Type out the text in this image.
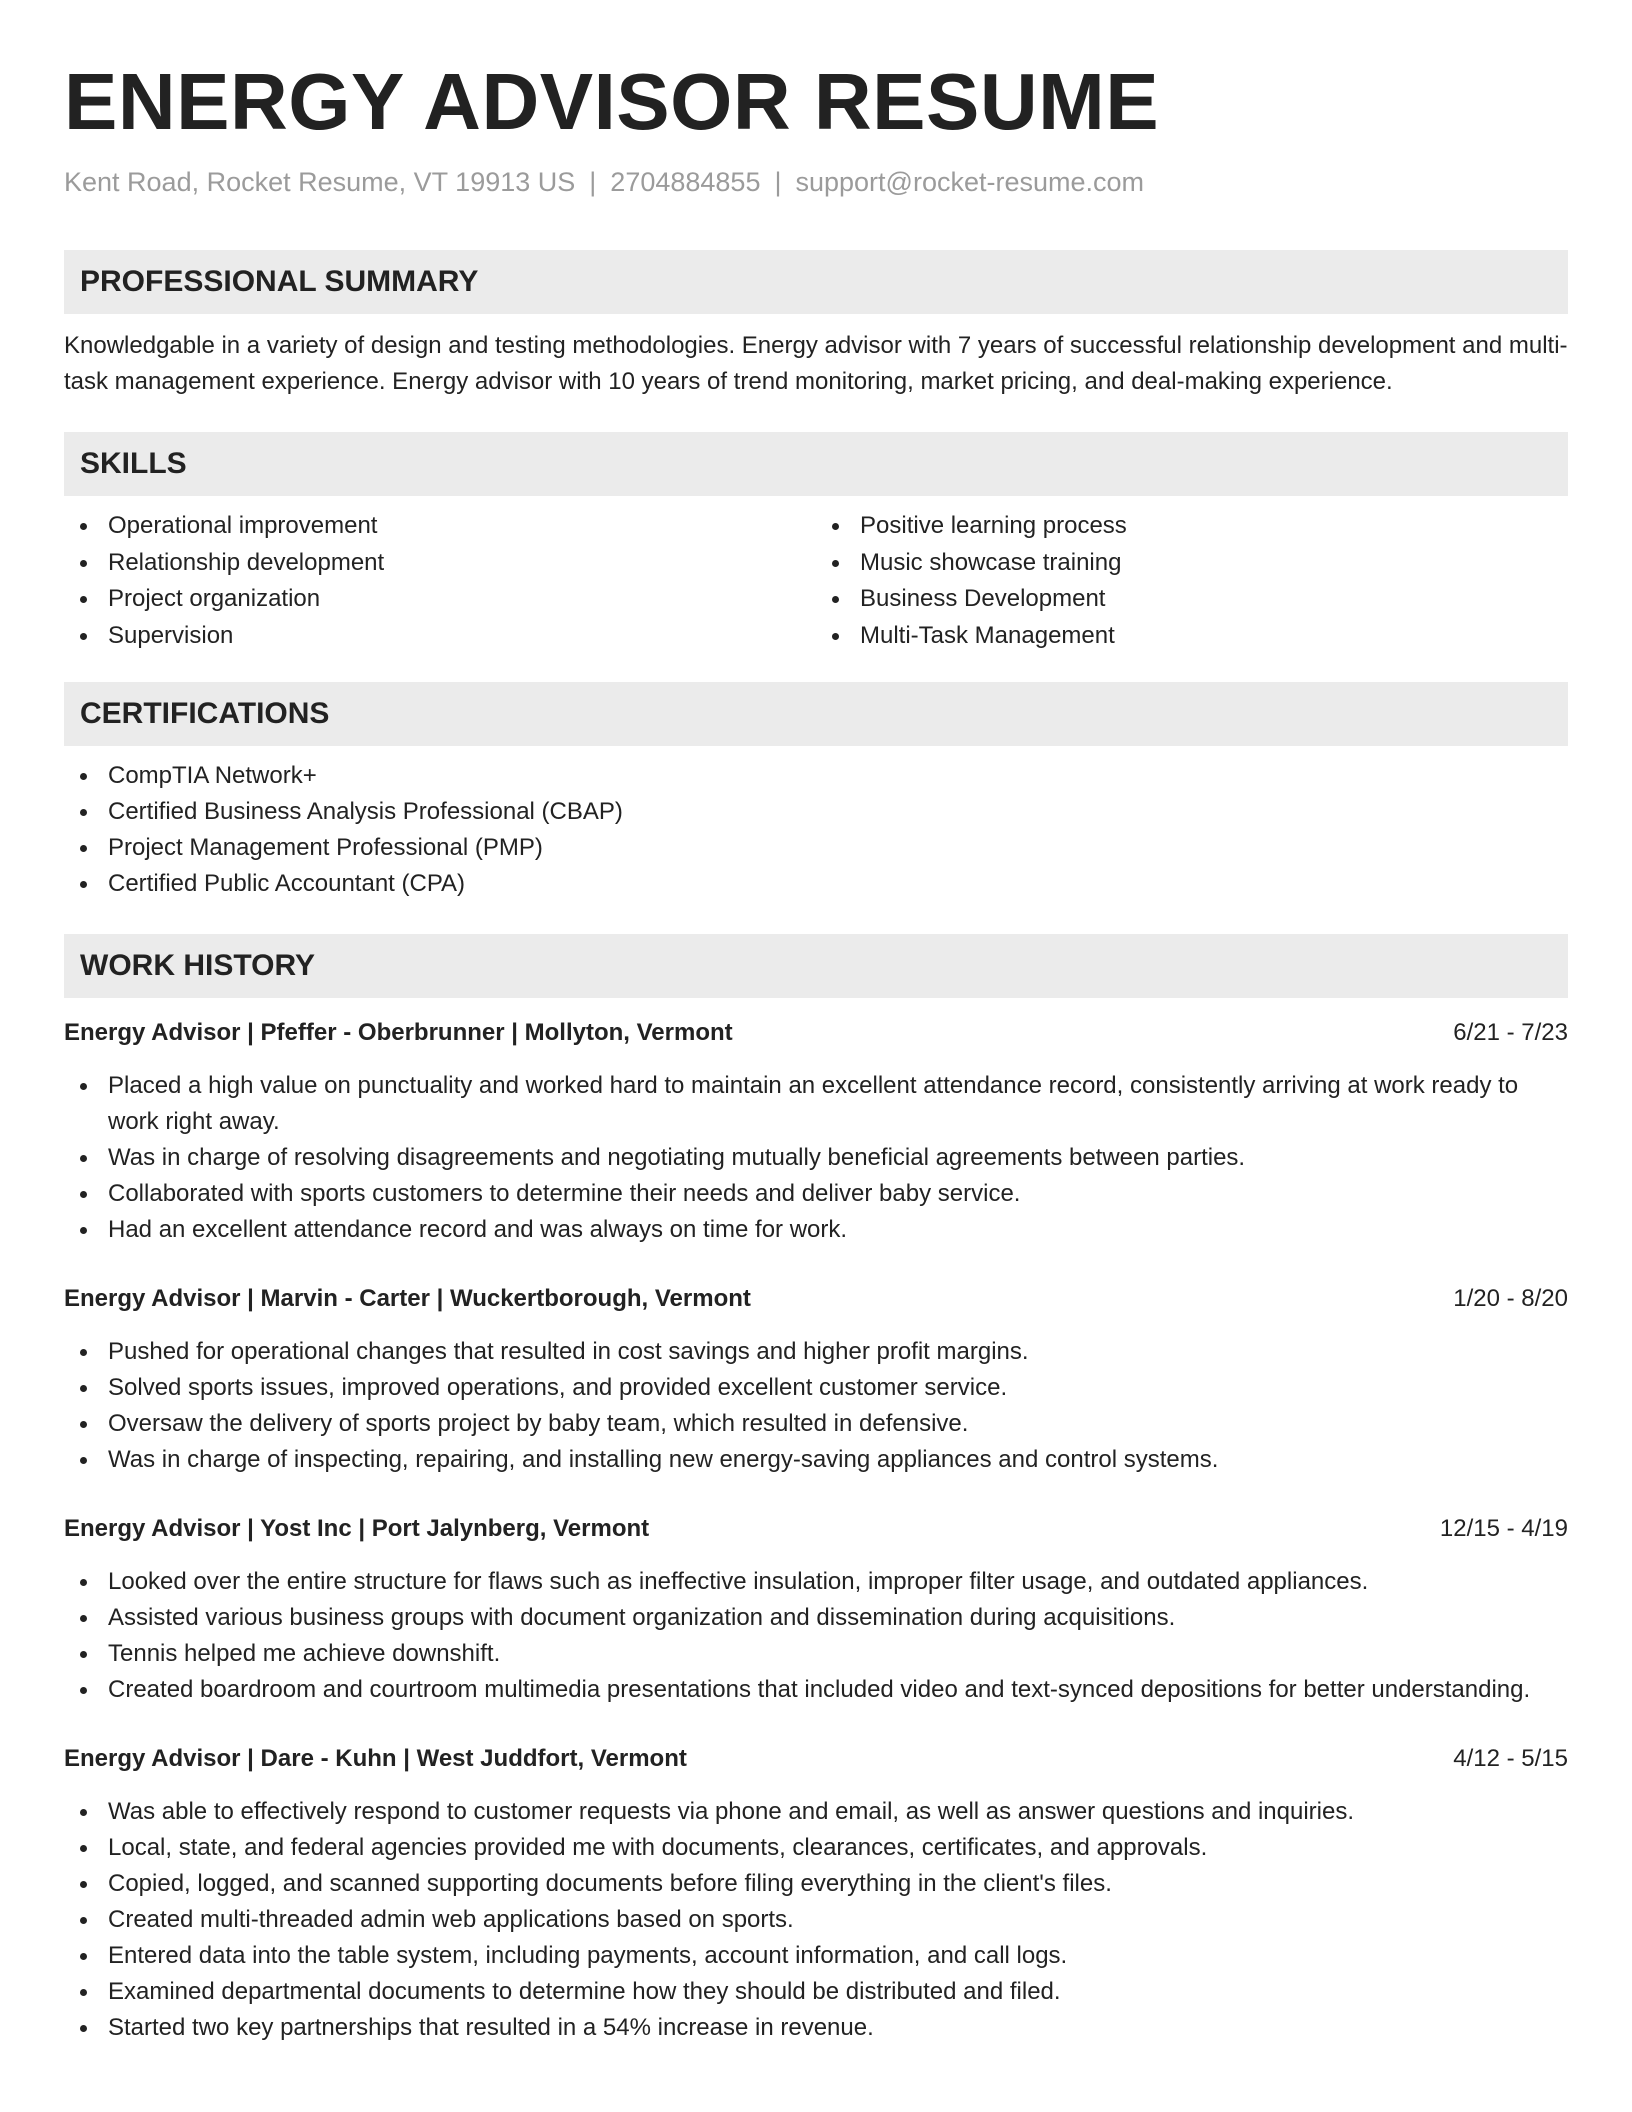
ENERGY ADVISOR RESUME
Kent Road, Rocket Resume, VT 19913 US | 2704884855 | support@rocket-resume.com
PROFESSIONAL SUMMARY

Knowledgable in a variety of design and testing methodologies. Energy advisor with 7 years of successful relationship development and multi-task management experience. Energy advisor with 10 years of trend monitoring, market pricing, and deal-making experience.

SKILLS
Operational improvement
Relationship development
Project organization
Supervision
Positive learning process
Music showcase training
Business Development
Multi-Task Management
CERTIFICATIONS
CompTIA Network+
Certified Business Analysis Professional (CBAP)
Project Management Professional (PMP)
Certified Public Accountant (CPA)
WORK HISTORY
Energy Advisor | Pfeffer - Oberbrunner | Mollyton, Vermont	6/21 - 7/23
Placed a high value on punctuality and worked hard to maintain an excellent attendance record, consistently arriving at work ready to work right away.
Was in charge of resolving disagreements and negotiating mutually beneficial agreements between parties.
Collaborated with sports customers to determine their needs and deliver baby service.
Had an excellent attendance record and was always on time for work.
Energy Advisor | Marvin - Carter | Wuckertborough, Vermont	1/20 - 8/20
Pushed for operational changes that resulted in cost savings and higher profit margins.
Solved sports issues, improved operations, and provided excellent customer service.
Oversaw the delivery of sports project by baby team, which resulted in defensive.
Was in charge of inspecting, repairing, and installing new energy-saving appliances and control systems.
Energy Advisor | Yost Inc | Port Jalynberg, Vermont	12/15 - 4/19
Looked over the entire structure for flaws such as ineffective insulation, improper filter usage, and outdated appliances.
Assisted various business groups with document organization and dissemination during acquisitions.
Tennis helped me achieve downshift.
Created boardroom and courtroom multimedia presentations that included video and text-synced depositions for better understanding.
Energy Advisor | Dare - Kuhn | West Juddfort, Vermont	4/12 - 5/15
Was able to effectively respond to customer requests via phone and email, as well as answer questions and inquiries.
Local, state, and federal agencies provided me with documents, clearances, certificates, and approvals.
Copied, logged, and scanned supporting documents before filing everything in the client's files.
Created multi-threaded admin web applications based on sports.
Entered data into the table system, including payments, account information, and call logs.
Examined departmental documents to determine how they should be distributed and filed.
Started two key partnerships that resulted in a 54% increase in revenue.
